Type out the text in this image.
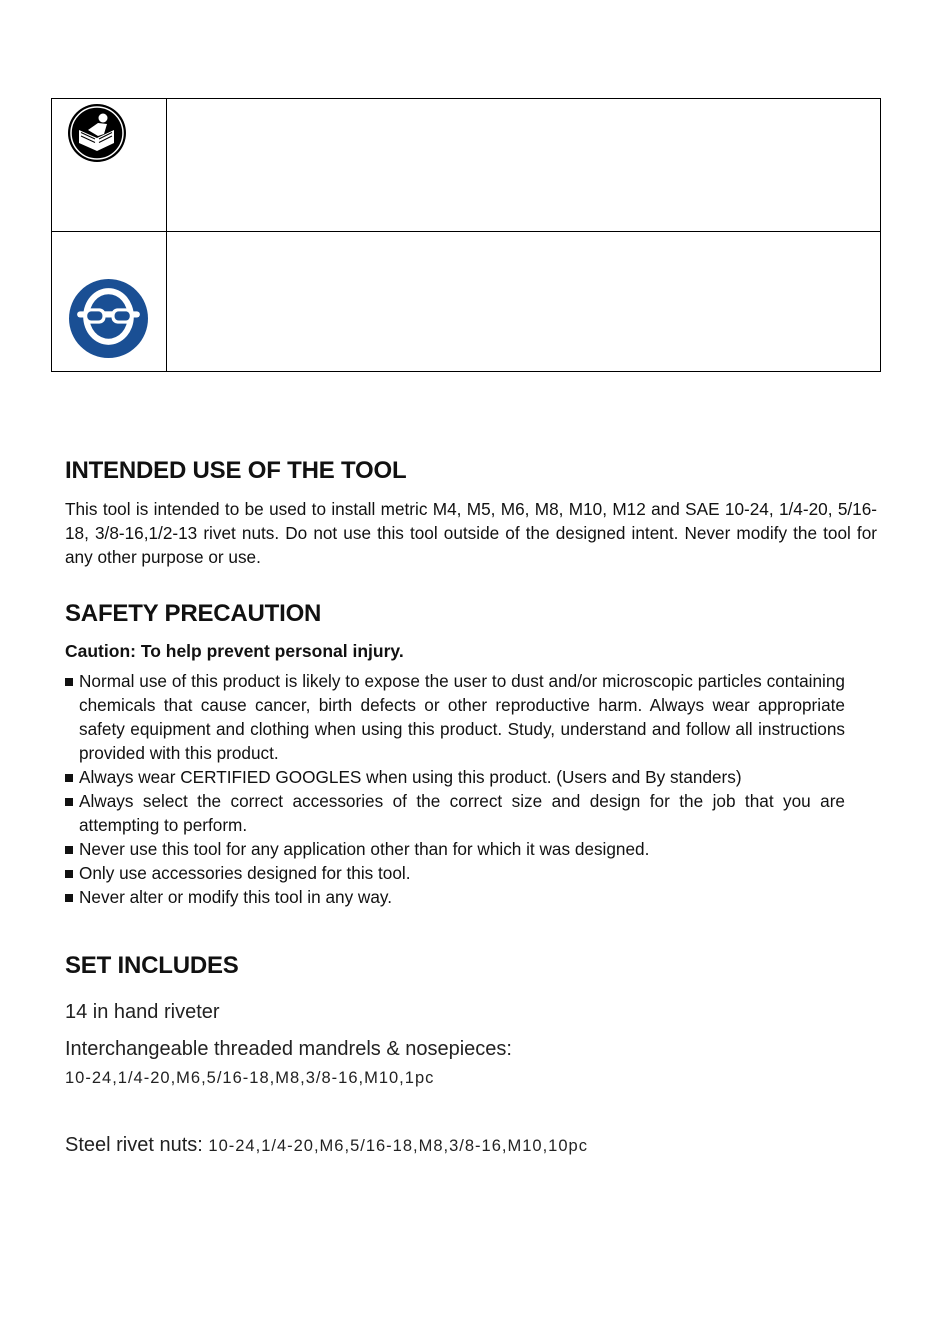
INTENDED USE OF THE TOOL

This tool is intended to be used to install metric M4, M5, M6, M8, M10, M12 and SAE 10-24, 1/4-20, 5/16-18, 3/8-16,1/2-13 rivet nuts. Do not use this tool outside of the designed intent. Never modify the tool for any other purpose or use.

SAFETY PRECAUTION

Caution: To help prevent personal injury.

Normal use of this product is likely to expose the user to dust and/or microscopic particles containing chemicals that cause cancer, birth defects or other reproductive harm. Always wear appropriate safety equipment and clothing when using this product. Study, understand and follow all instructions provided with this product.
Always wear CERTIFIED GOOGLES when using this product. (Users and By standers)
Always select the correct accessories of the correct size and design for the job that you are attempting to perform.
Never use this tool for any application other than for which it was designed.
Only use accessories designed for this tool.
Never alter or modify this tool in any way.
SET INCLUDES

14 in hand riveter

Interchangeable threaded mandrels & nosepieces:

10-24,1/4-20,M6,5/16-18,M8,3/8-16,M10,1pc

Steel rivet nuts: 10-24,1/4-20,M6,5/16-18,M8,3/8-16,M10,10pc
